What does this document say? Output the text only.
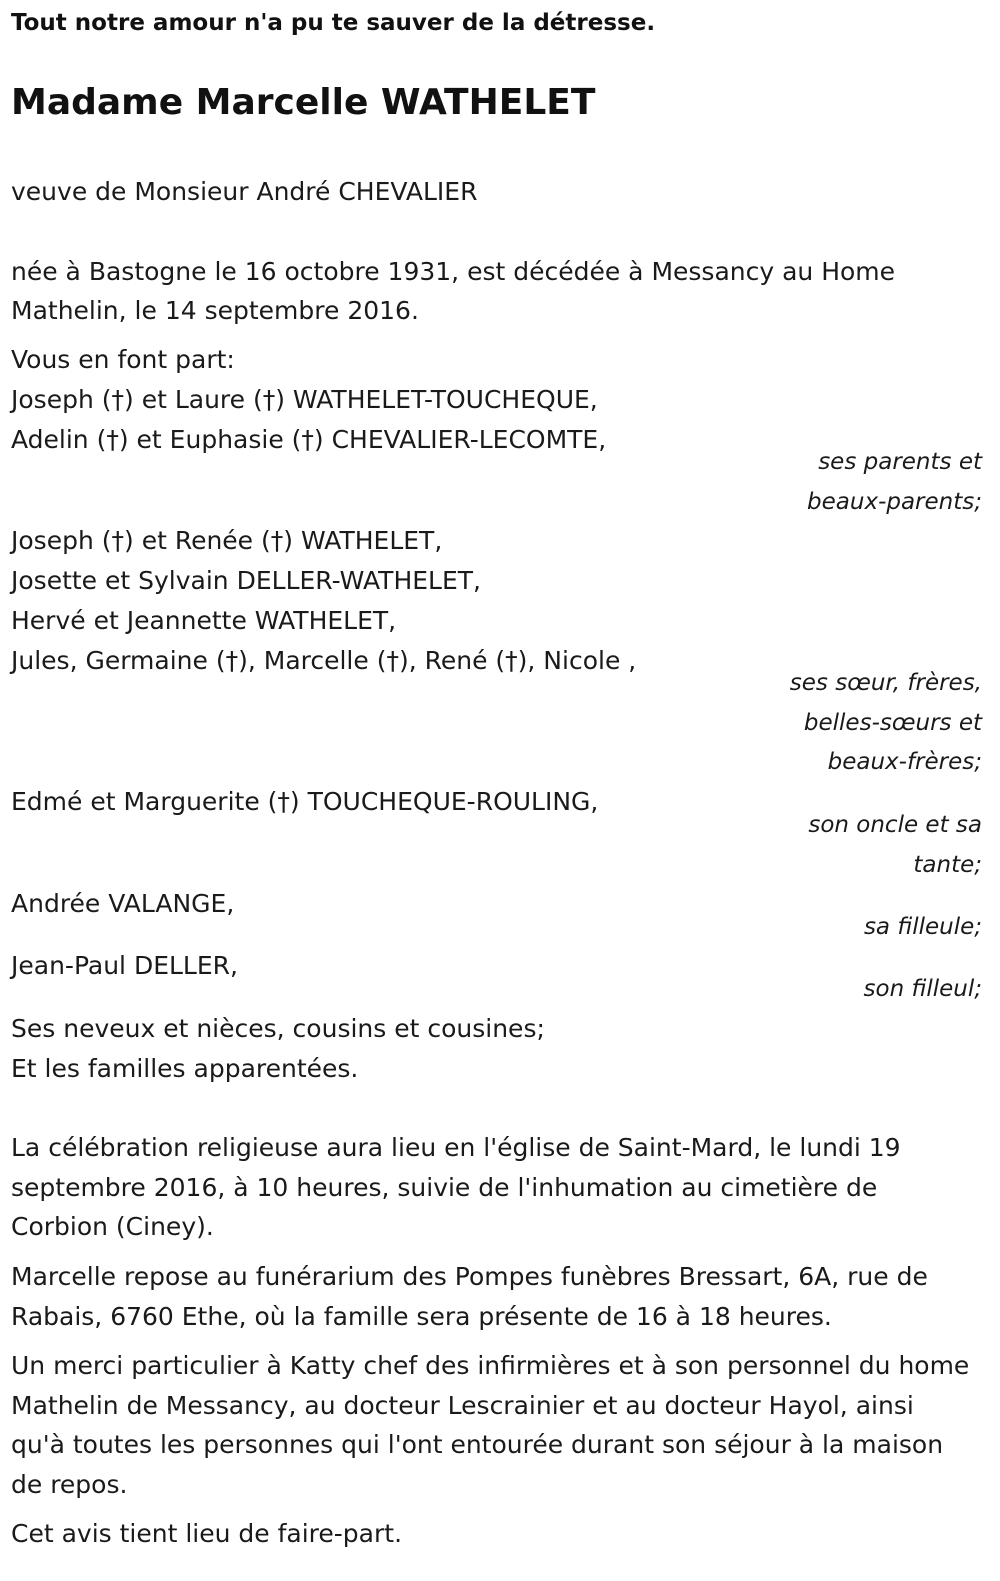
Tout notre amour n'a pu te sauver de la détresse.
Madame Marcelle WATHELET
veuve de Monsieur André CHEVALIER
née à Bastogne le 16 octobre 1931, est décédée à Messancy au Home
Mathelin, le 14 septembre 2016.
Vous en font part:
Joseph (†) et Laure (†) WATHELET-TOUCHEQUE,
Adelin (†) et Euphasie (†) CHEVALIER-LECOMTE,
ses parents et
beaux-parents;
Joseph (†) et Renée (†) WATHELET,
Josette et Sylvain DELLER-WATHELET,
Hervé et Jeannette WATHELET,
Jules, Germaine (†), Marcelle (†), René (†), Nicole ,
ses sœur, frères,
belles-sœurs et
beaux-frères;
Edmé et Marguerite (†) TOUCHEQUE-ROULING,
son oncle et sa
tante;
Andrée VALANGE,
sa filleule;
Jean-Paul DELLER,
son filleul;
Ses neveux et nièces, cousins et cousines;
Et les familles apparentées.
La célébration religieuse aura lieu en l'église de Saint-Mard, le lundi 19 septembre 2016, à 10 heures, suivie de l'inhumation au cimetière de Corbion (Ciney).
Marcelle repose au funérarium des Pompes funèbres Bressart, 6A, rue de Rabais, 6760 Ethe, où la famille sera présente de 16 à 18 heures.
Un merci particulier à Katty chef des infirmières et à son personnel du home Mathelin de Messancy, au docteur Lescrainier et au docteur Hayol, ainsi qu'à toutes les personnes qui l'ont entourée durant son séjour à la maison de repos.
Cet avis tient lieu de faire-part.
